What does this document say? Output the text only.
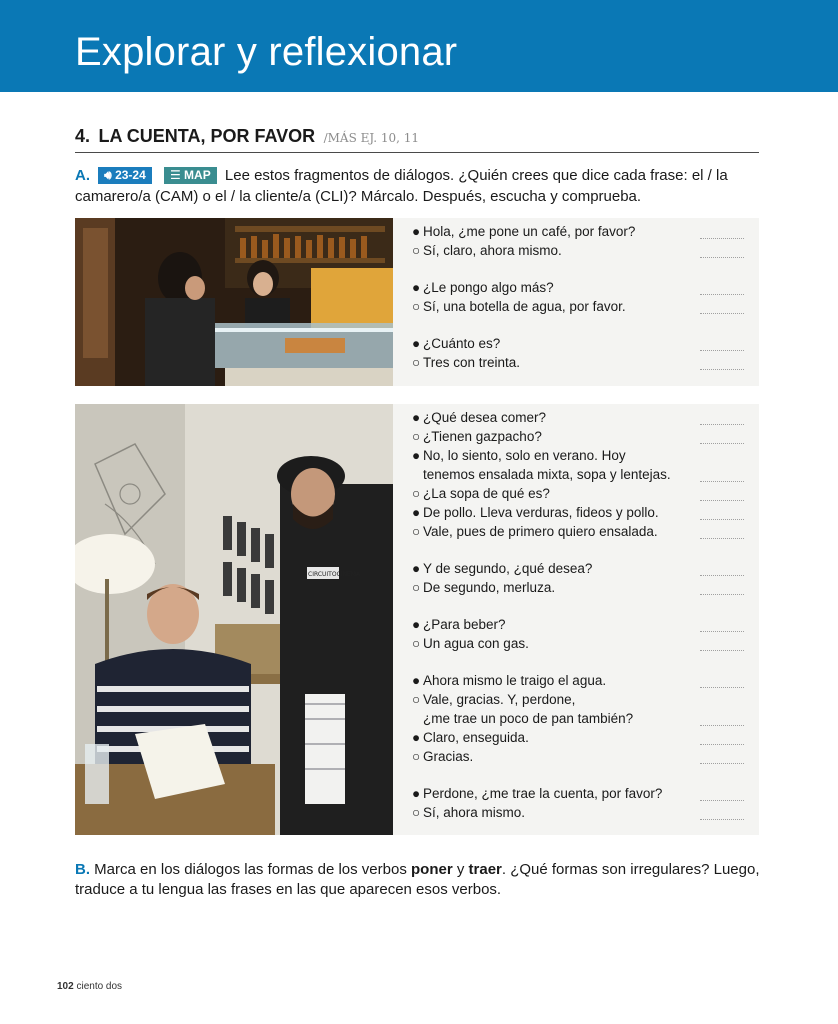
Explorar y reflexionar
4. LA CUENTA, POR FAVOR /MÁS EJ. 10, 11
A. 🔊︎ 23-24 ☰ MAP Lee estos fragmentos de diálogos. ¿Quién crees que dice cada frase: el / la camarero/a (CAM) o el / la cliente/a (CLI)? Márcalo. Después, escucha y comprueba.
● Hola, ¿me pone un café, por favor?
○ Sí, claro, ahora mismo.
● ¿Le pongo algo más?
○ Sí, una botella de agua, por favor.
● ¿Cuánto es?
○ Tres con treinta.
CIRCUITOCINEMA
● ¿Qué desea comer?
○ ¿Tienen gazpacho?
● No, lo siento, solo en verano. Hoy
tenemos ensalada mixta, sopa y lentejas.
○ ¿La sopa de qué es?
● De pollo. Lleva verduras, fideos y pollo.
○ Vale, pues de primero quiero ensalada.
● Y de segundo, ¿qué desea?
○ De segundo, merluza.
● ¿Para beber?
○ Un agua con gas.
● Ahora mismo le traigo el agua.
○ Vale, gracias. Y, perdone,
¿me trae un poco de pan también?
● Claro, enseguida.
○ Gracias.
● Perdone, ¿me trae la cuenta, por favor?
○ Sí, ahora mismo.
B. Marca en los diálogos las formas de los verbos poner y traer. ¿Qué formas son irregulares? Luego, traduce a tu lengua las frases en las que aparecen esos verbos.
102 ciento dos
